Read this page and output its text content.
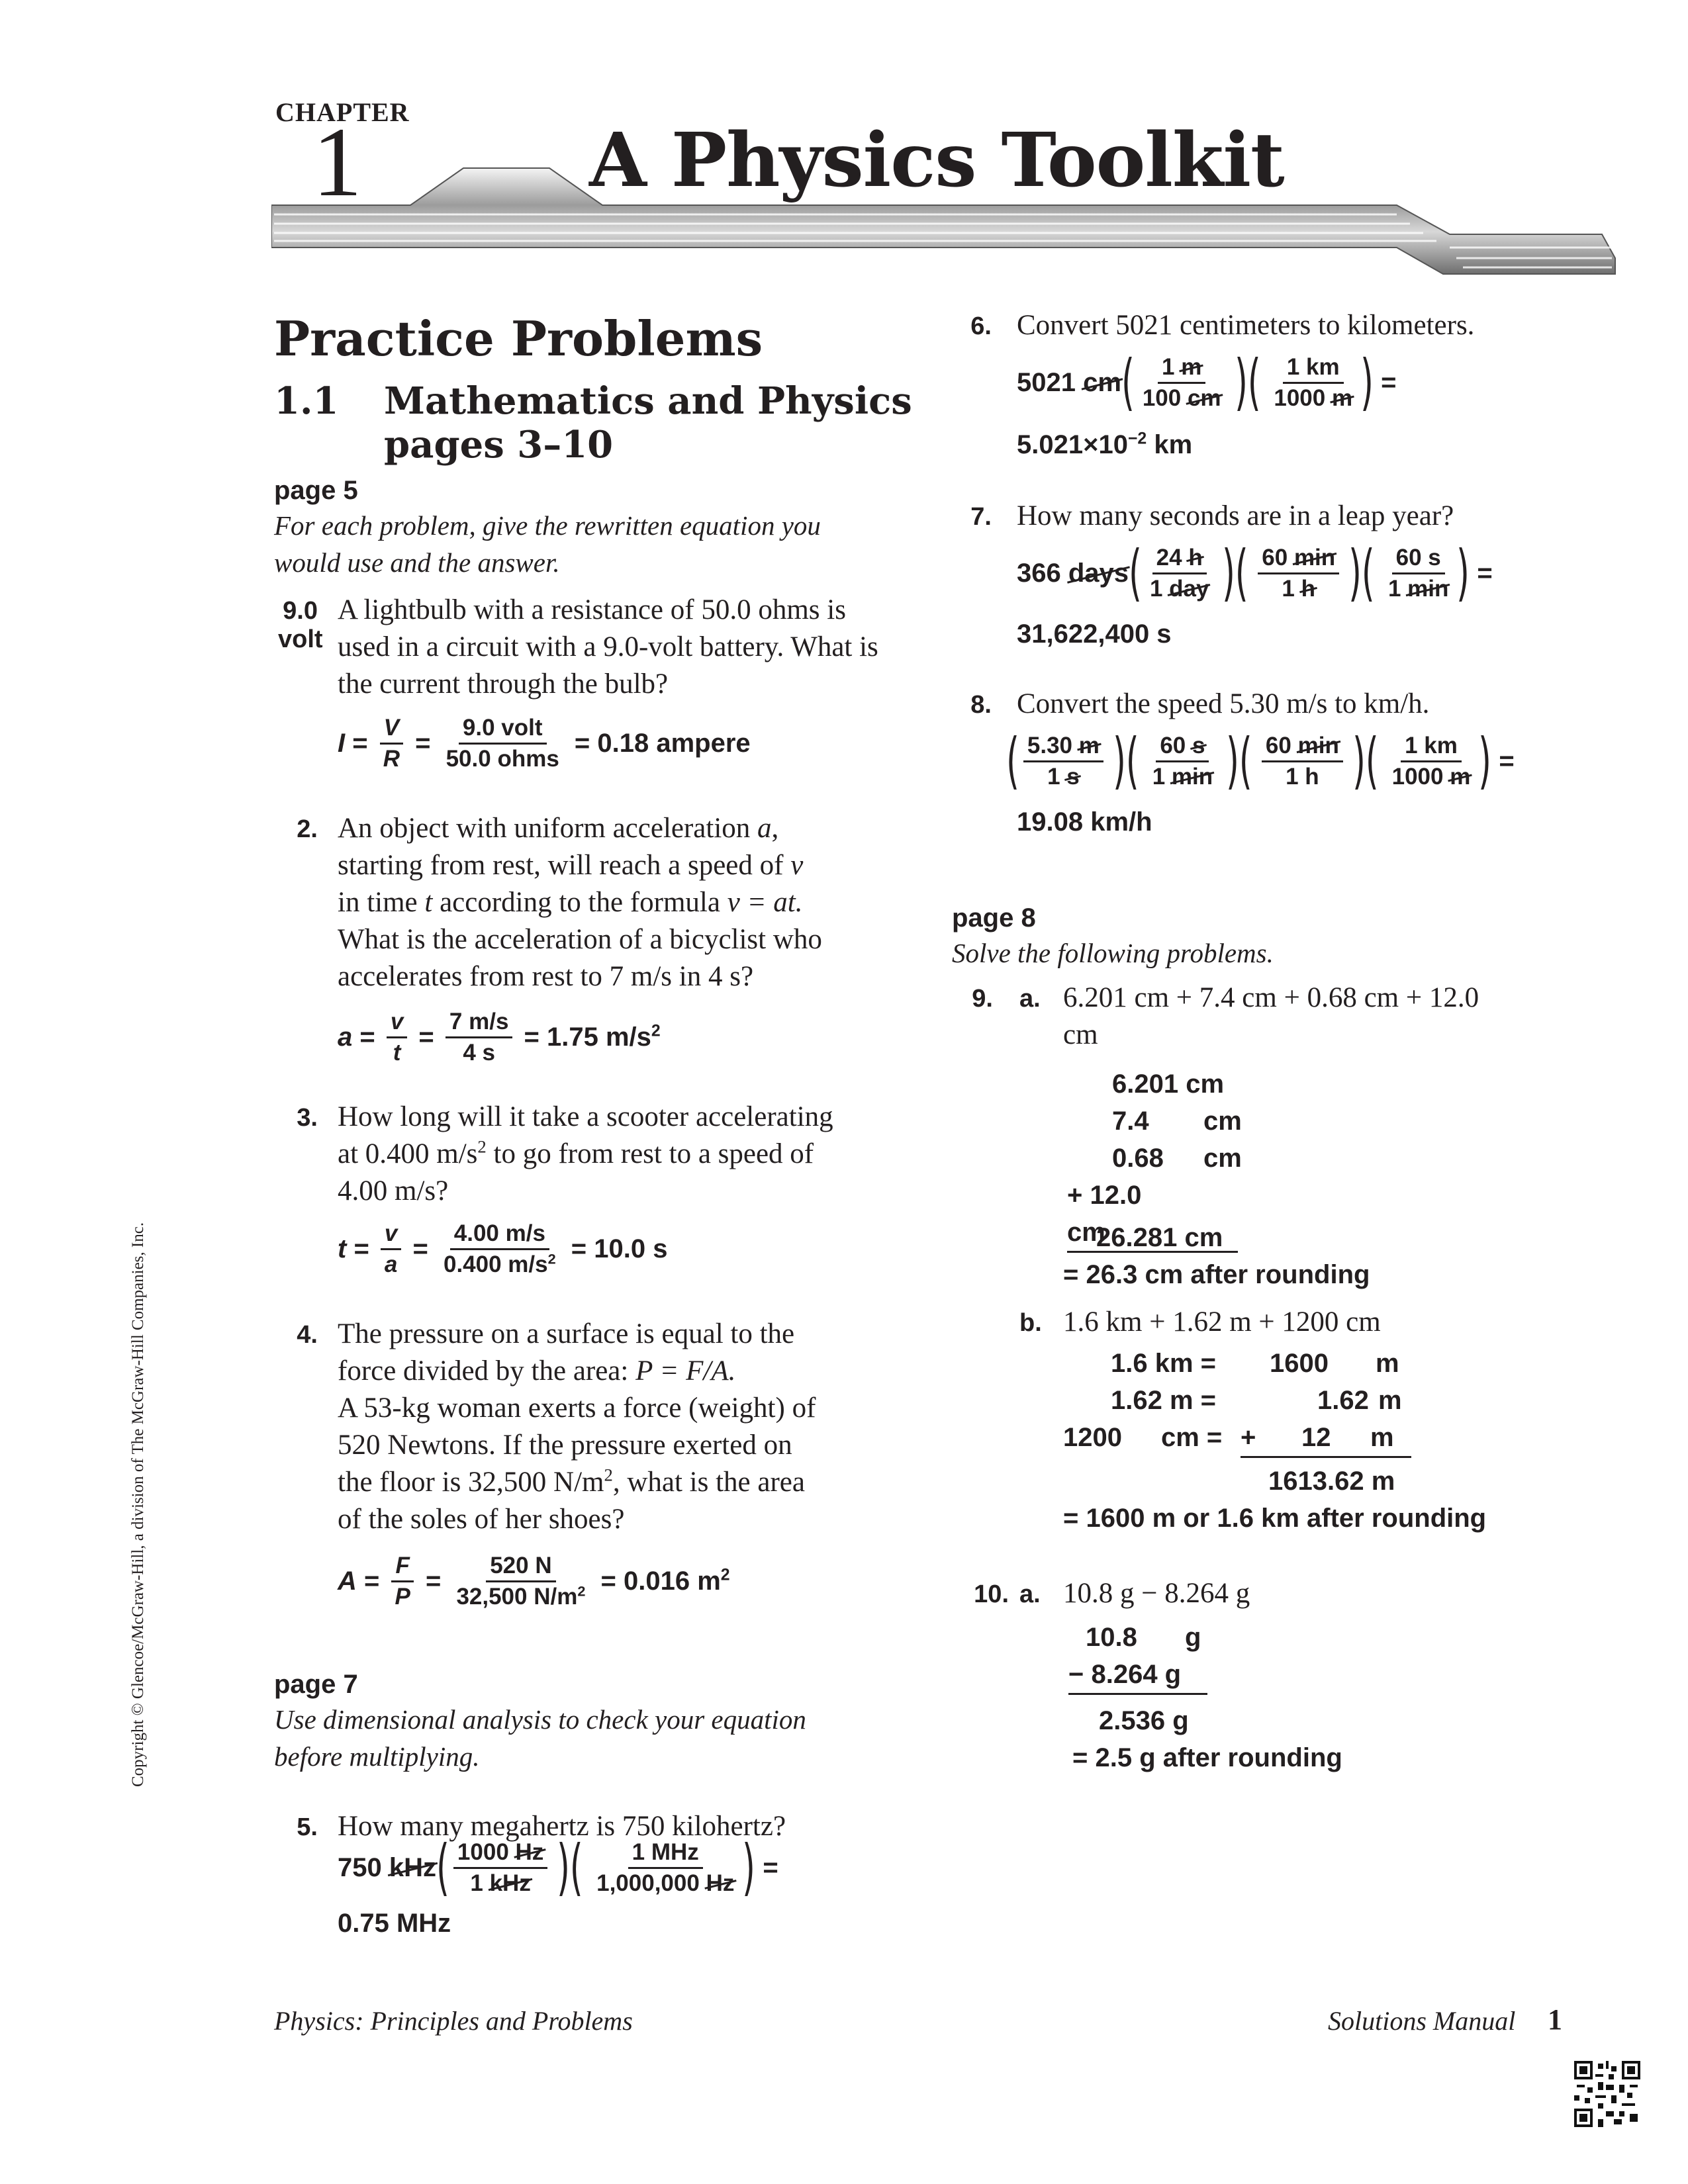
CHAPTER
1	A Physics Toolkit
Practice Problems
1.1 Mathematics and Physics
pages 3–10
page 5
For each problem, give the rewritten equation you would use and the answer.
9.0 volt
A lightbulb with a resistance of 50.0 ohms is used in a circuit with a 9.0-volt battery. What is the current through the bulb?
$I = \frac{V}{R} = \frac{\text{9.0 volt}}{\text{50.0 ohms}}$
= 0.18 ampere
2. An object with uniform acceleration a,
starting from rest, will reach a speed of v
in time t according to the formula v = at.
What is the acceleration of a bicyclist who
accelerates from rest to 7 m/s in 4 s?
$a = \frac{v}{t} = \frac{7 m/s}{4 s}$
= 1.75 $m/s^2$
3. How long will it take a scooter accelerating
at 0.400 $m/s^2$ to go from rest to a speed of
4.00 m/s?
$t = \frac{v}{a} = \frac{4.00 m/s}{0.400 m/s^2}$
= 10.0 s
4. The pressure on a surface is equal to the
force divided by the area: P = F/A.
A 53-kg woman exerts a force (weight) of
520 Newtons. If the pressure exerted on
the floor is 32,500 $N/m^2$, what is the area
of the soles of her shoes?
$A = \frac{F}{P} = \frac{520 N}{32,500 N/m^2}$
= 0.016 $m^2$
page 7
Use dimensional analysis to check your equation before multiplying.
5. How many megahertz is 750 kilohertz?
750
kHz ( $\frac{1000 Hz}{\text{1 kHz}}$ )( $\frac{\text{1 MHz}}{1,000,000 Hz}$ ) =
0.75 MHz
Copyright © Glencoe/McGraw-Hill, a division of The McGraw-Hill Companies, Inc.
6. Convert 5021 centimeters to kilometers.
5021
cm ( $\frac{1 m}{100 cm}$ )( $\frac{1 km}{1000 m}$ ) =
$5.021\times 10^{-2}$ km
7. How many seconds are in a leap year?
366
days ( $\frac{24 h}{\text{1 day}}$ )( $\frac{60 \min}{1 h}$ )( $\frac{60 s}{1 \min}$ ) =
31,622,400 s
8. Convert the speed 5.30 m/s to km/h.
( $\frac{5.30 m}{1 s}$ )( $\frac{60 s}{1 \min}$ )( $\frac{60 \min}{1 h}$ )( $\frac{1 km}{1000 m}$ ) =
19.08 km/h
page 8
Solve the following problems.
9. a. 6.201 cm + 7.4 cm + 0.68 cm + 12.0 cm
6.201 cm
7.4 cm
0.68 cm
+ 12.0cm
26.281 cm
= 26.3 cm after rounding
b. 1.6 km + 1.62 m + 1200 cm
1.6 km = 1600 m
1.62 m =	1.62 m
1200 cm = + 12 m
1613.62 m
= 1600 m or 1.6 km after rounding
10. a. 10.8 g − 8.264 g
10.8 g
− 8.264 g
2.536 g
= 2.5 g after rounding
Physics: Principles and Problems	Solutions Manual 1
